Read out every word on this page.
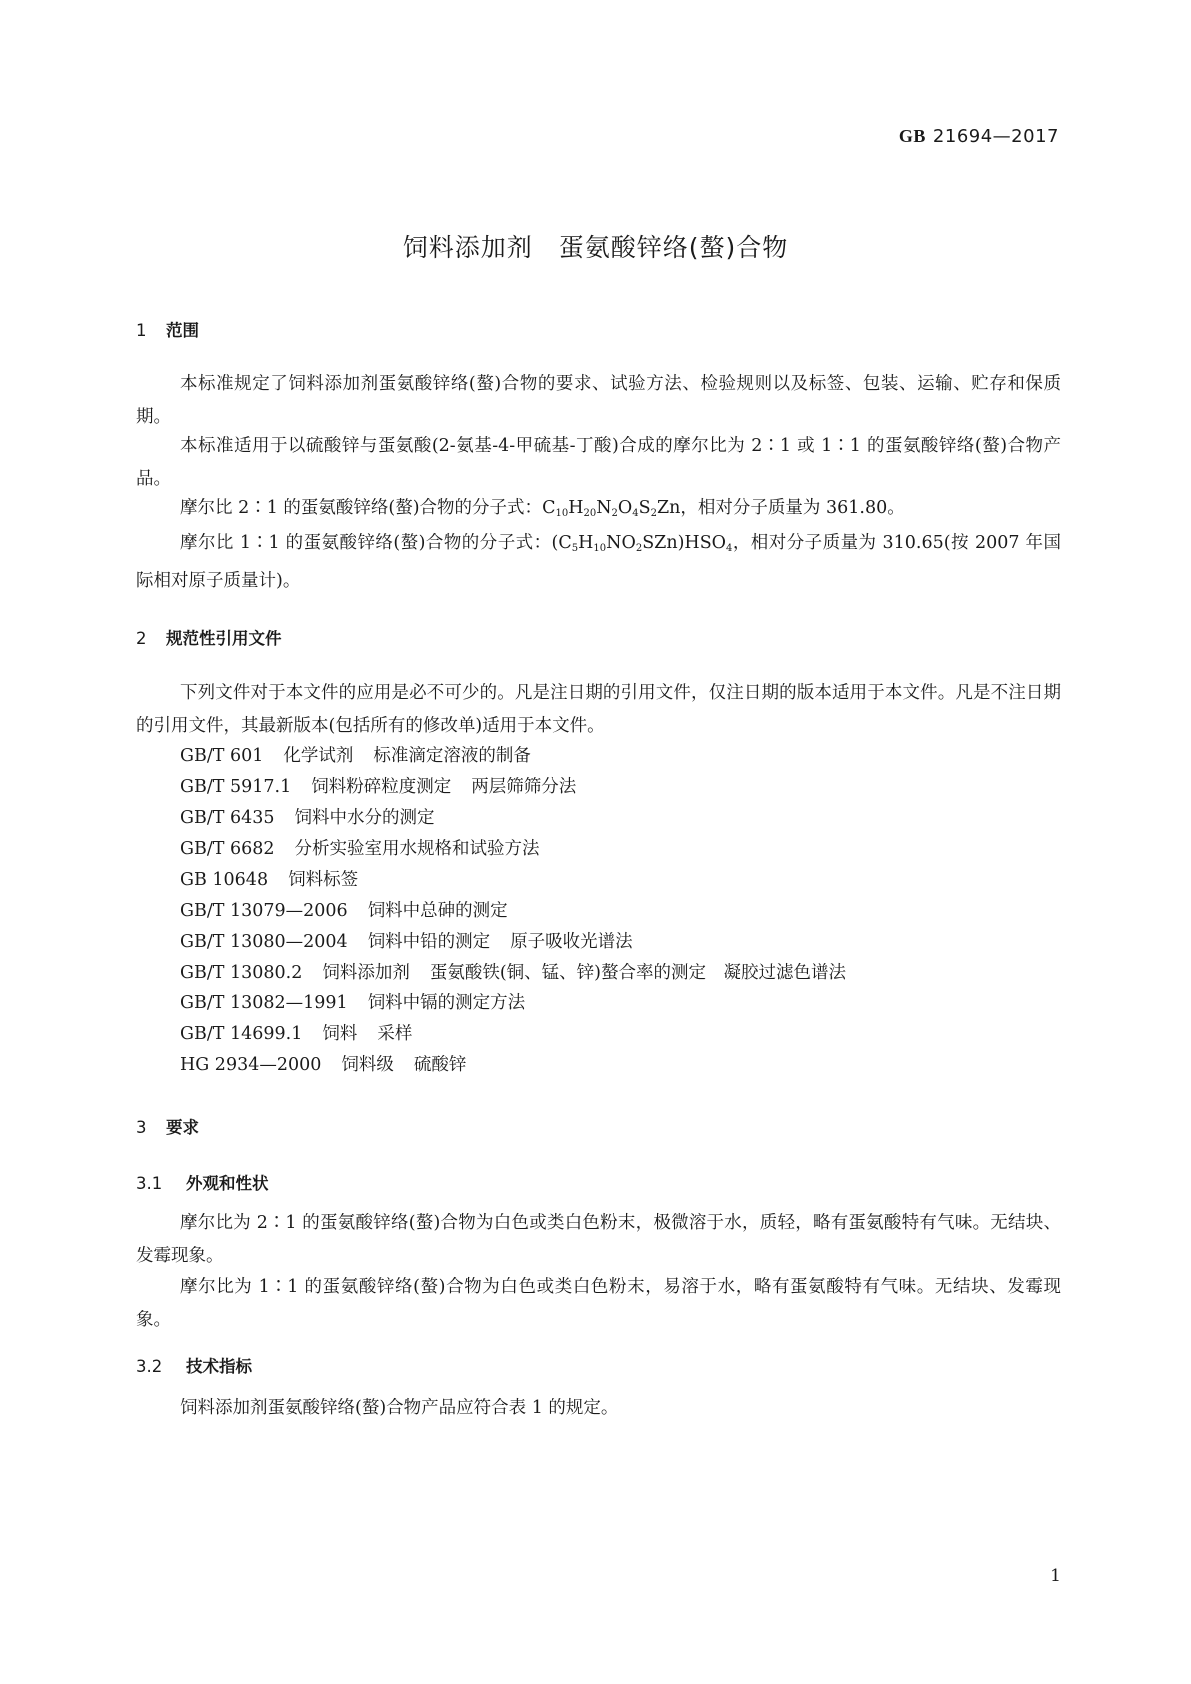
GB 21694—2017
饲料添加剂　蛋氨酸锌络(螯)合物
1 范围
本标准规定了饲料添加剂蛋氨酸锌络(螯)合物的要求、试验方法、检验规则以及标签、包装、运输、贮存和保质期。
本标准适用于以硫酸锌与蛋氨酸(2-氨基-4-甲硫基-丁酸)合成的摩尔比为 2∶1 或 1∶1 的蛋氨酸锌络(螯)合物产品。
摩尔比 2∶1 的蛋氨酸锌络(螯)合物的分子式：$C_{10}H_{20}N_2O_4S_2Zn$，相对分子质量为 361.80。
摩尔比 1∶1 的蛋氨酸锌络(螯)合物的分子式：$(C_5H_{10}NO_2SZn)HSO_4$，相对分子质量为 310.65(按 2007 年国际相对原子质量计)。
2 规范性引用文件
下列文件对于本文件的应用是必不可少的。凡是注日期的引用文件，仅注日期的版本适用于本文件。凡是不注日期的引用文件，其最新版本(包括所有的修改单)适用于本文件。
GB/T 601 化学试剂 标准滴定溶液的制备
GB/T 5917.1 饲料粉碎粒度测定 两层筛筛分法
GB/T 6435 饲料中水分的测定
GB/T 6682 分析实验室用水规格和试验方法
GB 10648 饲料标签
GB/T 13079—2006 饲料中总砷的测定
GB/T 13080—2004 饲料中铅的测定 原子吸收光谱法
GB/T 13080.2 饲料添加剂 蛋氨酸铁(铜、锰、锌)螯合率的测定　凝胶过滤色谱法
GB/T 13082—1991 饲料中镉的测定方法
GB/T 14699.1 饲料 采样
HG 2934—2000 饲料级 硫酸锌
3 要求
3.1 外观和性状
摩尔比为 2∶1 的蛋氨酸锌络(螯)合物为白色或类白色粉末，极微溶于水，质轻，略有蛋氨酸特有气味。无结块、发霉现象。
摩尔比为 1∶1 的蛋氨酸锌络(螯)合物为白色或类白色粉末，易溶于水，略有蛋氨酸特有气味。无结块、发霉现象。
3.2 技术指标
饲料添加剂蛋氨酸锌络(螯)合物产品应符合表 1 的规定。
1
